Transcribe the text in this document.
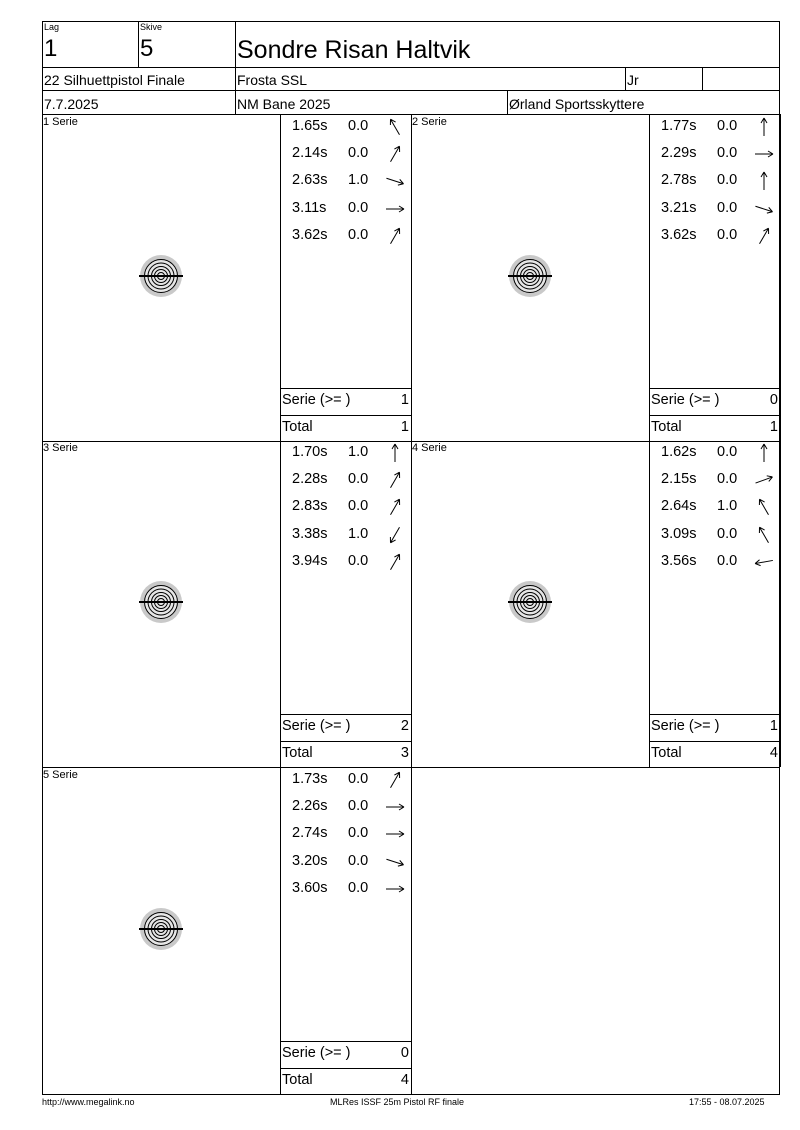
Lag
1
Skive
5	Sondre Risan Haltvik
22 Silhuettpistol Finale	Frosta SSL	Jr
7.7.2025	NM Bane 2025	Ørland Sportsskyttere
1 Serie	1.65s 0.0
2.14s 0.0
2.63s 1.0
3.11s 0.0
3.62s 0.0
Serie (>= )	1
Total	1
2 Serie	1.77s 0.0
2.29s 0.0
2.78s 0.0
3.21s 0.0
3.62s 0.0
Serie (>= )	0
Total	1
3 Serie	1.70s 1.0
2.28s 0.0
2.83s 0.0
3.38s 1.0
3.94s 0.0
Serie (>= )	2
Total	3
4 Serie	1.62s 0.0
2.15s 0.0
2.64s 1.0
3.09s 0.0
3.56s 0.0
Serie (>= )	1
Total	4
5 Serie	1.73s 0.0
2.26s 0.0
2.74s 0.0
3.20s 0.0
3.60s 0.0
Serie (>= )	0
Total	4
http://www.megalink.no	MLRes ISSF 25m Pistol RF finale	17:55 - 08.07.2025
